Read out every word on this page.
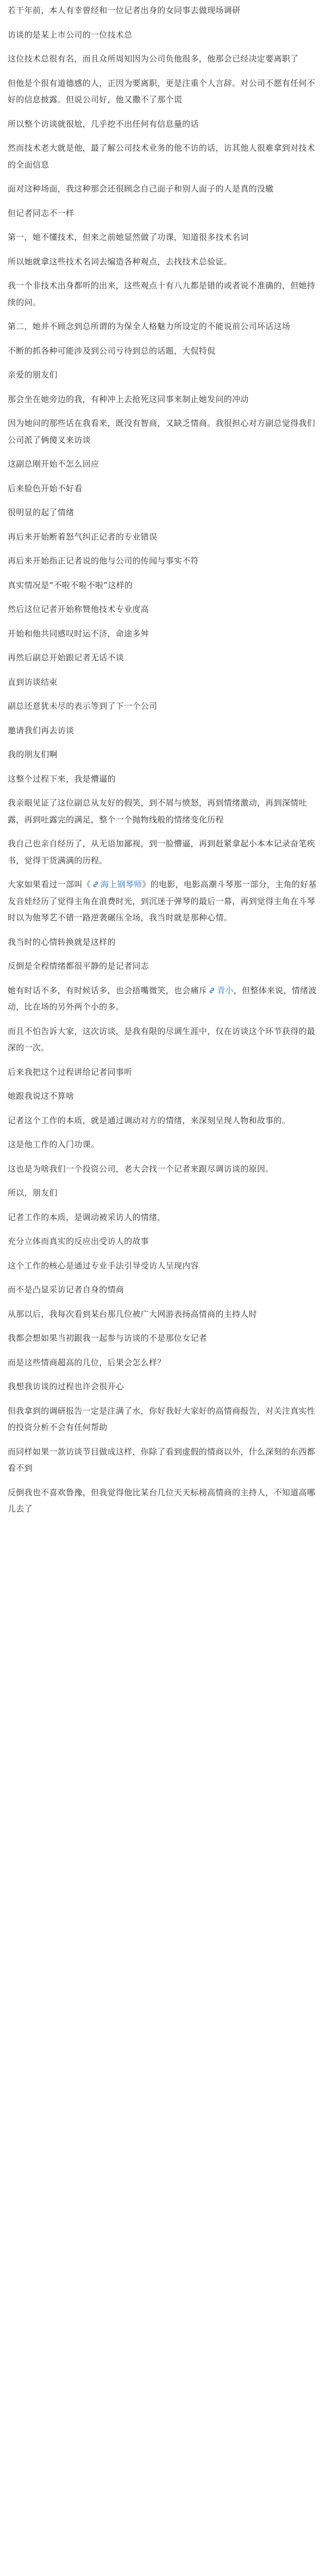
若干年前，本人有幸曾经和一位记者出身的女同事去做现场调研

访谈的是某上市公司的一位技术总

这位技术总很有名，而且众所周知因为公司负他很多，他那会已经决定要离职了

但他是个很有道德感的人，正因为要离职，更是注重个人言辞。对公司不愿有任何不好的信息披露。但说公司好，他又撒不了那个谎

所以整个访谈就很尬，几乎挖不出任何有信息量的话

然而技术老大就是他，最了解公司技术业务的他不访的话，访其他人很难拿到对技术的全面信息

面对这种场面，我这种那会还很顾念自己面子和别人面子的人是真的没辙

但记者同志不一样

第一，她不懂技术，但来之前她显然做了功课，知道很多技术名词

所以她就拿这些技术名词去编造各种观点，去找技术总验证。

我一个非技术出身都听的出来，这些观点十有八九都是错的或者说不准确的，但她持续的问。

第二，她并不顾念到总所谓的为保全人格魅力所设定的不能说前公司坏话这场

不断的抓各种可能涉及到公司亏待到总的话题，大侃特侃

亲爱的朋友们

那会坐在她旁边的我，有种冲上去抢死这同事来制止她发问的冲动

因为她问的那些话在我看来，既没有智商，又缺乏情商。我很担心对方副总觉得我们公司派了俩傻叉来访谈

这副总刚开始不怎么回应

后来脸色开始不好看

很明显的起了情绪

再后来开始断着怒气纠正记者的专业错误

再后来开始指正记者说的他与公司的传闻与事实不符

真实情况是“不啦不啦不啦”这样的

然后这位记者开始称赞他技术专业度高

开始和他共同感叹时运不济，命途多舛

再然后副总开始跟记者无话不谈

直到访谈结束

副总还意犹未尽的表示等到了下一个公司

邀请我们再去访谈

我的朋友们啊

这整个过程下来，我是懵逼的

我亲眼见证了这位副总从友好的假笑，到不屑与愤怒，再到情绪激动，再到深情吐露，再到吐露完的满足，整个一个抛物线般的情绪变化历程

我自己也亲自经历了，从无语加鄙视，到一脸懵逼，再到赶紧拿起小本本记录奋笔疾书，觉得干货满满的历程。

大家如果看过一部叫《 海上钢琴师》的电影，电影高潮斗琴那一部分，主角的好基友音娃经历了觉得主角在浪费时光，到沉迷于弹琴的最后一幕，再到觉得主角在斗琴时以为他琴艺不错一路逆袭碾压全场，我当时就是那种心情。

我当时的心情转换就是这样的

反倒是全程情绪都很平静的是记者同志

她有时话不多，有时候话多，也会捂嘴微笑，也会痛斥 青小，但整体来说，情绪波动，比在场的另外两个小的多。

而且不怕告诉大家，这次访谈，是我有限的尽调生涯中，仅在访谈这个环节获得的最深的一次。

后来我把这个过程讲给记者同事听

她跟我说这不算啥

记者这个工作的本质，就是通过调动对方的情绪，来深刻呈现人物和故事的。

这是他工作的入门功课。

这也是为啥我们一个投资公司，老大会找一个记者来跟尽调访谈的原因。

所以，朋友们

记者工作的本质，是调动被采访人的情绪，

充分立体而真实的反应出受访人的故事

这个工作的核心是通过专业手法引导受访人呈现内容

而不是凸显采访记者自身的情商

从那以后，我每次看到某台那几位被广大网游表扬高情商的主持人时

我都会想如果当初跟我一起参与访谈的不是那位女记者

而是这些情商超高的几位，后果会怎么样？

我想我访谈的过程也许会很开心

但我拿到的调研报告一定是注满了水，你好我好大家好的高情商报告，对关注真实性的投资分析不会有任何帮助

而同样如果一款访谈节目做成这样，你除了看到虚假的情商以外，什么深刻的东西都看不到

反倒我也不喜欢鲁豫，但我觉得他比某台几位天天标榜高情商的主持人，不知道高哪儿去了
